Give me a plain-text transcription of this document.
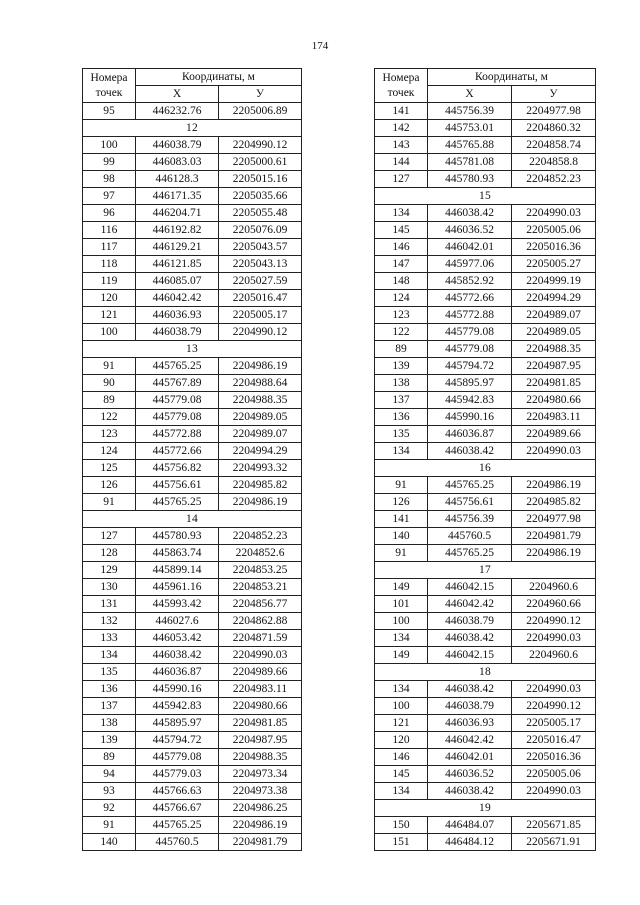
174
Номера
точек	Координаты, м	
	X	У
95	446232.76	2205006.89
12		
100	446038.79	2204990.12
99	446083.03	2205000.61
98	446128.3	2205015.16
97	446171.35	2205035.66
96	446204.71	2205055.48
116	446192.82	2205076.09
117	446129.21	2205043.57
118	446121.85	2205043.13
119	446085.07	2205027.59
120	446042.42	2205016.47
121	446036.93	2205005.17
100	446038.79	2204990.12
13		
91	445765.25	2204986.19
90	445767.89	2204988.64
89	445779.08	2204988.35
122	445779.08	2204989.05
123	445772.88	2204989.07
124	445772.66	2204994.29
125	445756.82	2204993.32
126	445756.61	2204985.82
91	445765.25	2204986.19
14		
127	445780.93	2204852.23
128	445863.74	2204852.6
129	445899.14	2204853.25
130	445961.16	2204853.21
131	445993.42	2204856.77
132	446027.6	2204862.88
133	446053.42	2204871.59
134	446038.42	2204990.03
135	446036.87	2204989.66
136	445990.16	2204983.11
137	445942.83	2204980.66
138	445895.97	2204981.85
139	445794.72	2204987.95
89	445779.08	2204988.35
94	445779.03	2204973.34
93	445766.63	2204973.38
92	445766.67	2204986.25
91	445765.25	2204986.19
140	445760.5	2204981.79
Номера
точек	Координаты, м	
	X	У
141	445756.39	2204977.98
142	445753.01	2204860.32
143	445765.88	2204858.74
144	445781.08	2204858.8
127	445780.93	2204852.23
15		
134	446038.42	2204990.03
145	446036.52	2205005.06
146	446042.01	2205016.36
147	445977.06	2205005.27
148	445852.92	2204999.19
124	445772.66	2204994.29
123	445772.88	2204989.07
122	445779.08	2204989.05
89	445779.08	2204988.35
139	445794.72	2204987.95
138	445895.97	2204981.85
137	445942.83	2204980.66
136	445990.16	2204983.11
135	446036.87	2204989.66
134	446038.42	2204990.03
16		
91	445765.25	2204986.19
126	445756.61	2204985.82
141	445756.39	2204977.98
140	445760.5	2204981.79
91	445765.25	2204986.19
17		
149	446042.15	2204960.6
101	446042.42	2204960.66
100	446038.79	2204990.12
134	446038.42	2204990.03
149	446042.15	2204960.6
18		
134	446038.42	2204990.03
100	446038.79	2204990.12
121	446036.93	2205005.17
120	446042.42	2205016.47
146	446042.01	2205016.36
145	446036.52	2205005.06
134	446038.42	2204990.03
19		
150	446484.07	2205671.85
151	446484.12	2205671.91
